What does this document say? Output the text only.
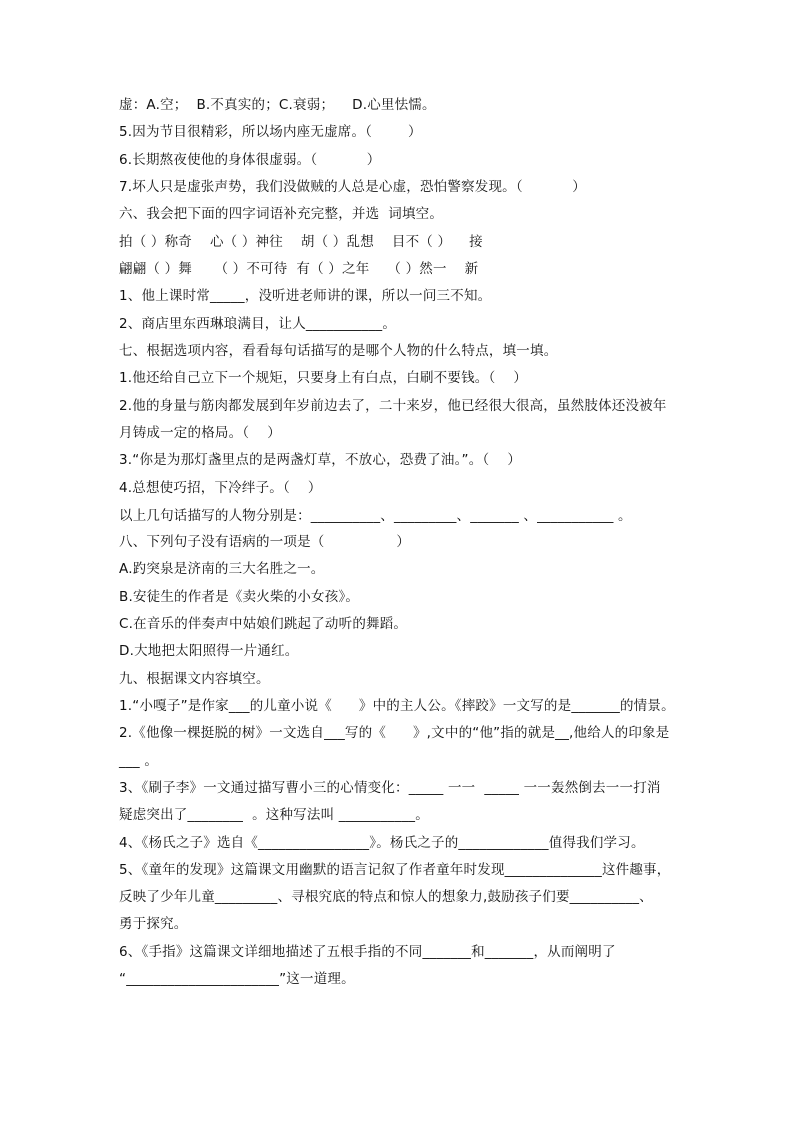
虚：A.空；  B.不真实的；C.衰弱；    D.心里怯懦。
5.因为节目很精彩，所以场内座无虚席。（        ）
6.长期熬夜使他的身体很虚弱。（           ）
7.坏人只是虚张声势，我们没做贼的人总是心虚，恐怕警察发现。（           ）
六、我会把下面的四字词语补充完整，并选  词填空。
拍（ ）称奇    心（ ）神往    胡（ ）乱想    目不（ ）    接
翩翩（ ）舞     （ ）不可待  有（ ）之年    （ ）然一    新
1、他上课时常_____，没听进老师讲的课，所以一问三不知。
2、商店里东西琳琅满目，让人___________。
七、根据选项内容，看看每句话描写的是哪个人物的什么特点，填一填。
1.他还给自己立下一个规矩，只要身上有白点，白刷不要钱。（    ）
2.他的身量与筋肉都发展到年岁前边去了，二十来岁，他已经很大很高，虽然肢体还没被年
月铸成一定的格局。（    ）
3.“你是为那灯盏里点的是两盏灯草，不放心，恐费了油。”。（    ）
4.总想使巧招，下冷绊子。（    ）
以上几句话描写的人物分别是：__________、_________、_______ 、___________ 。
八、下列句子没有语病的一项是（                ）
A.趵突泉是济南的三大名胜之一。
B.安徒生的作者是《卖火柴的小女孩》。
C.在音乐的伴奏声中姑娘们跳起了动听的舞蹈。
D.大地把太阳照得一片通红。
九、根据课文内容填空。
1.“小嘎子”是作家___的儿童小说《      》中的主人公。《摔跤》一文写的是_______的情景。
2.《他像一棵挺脱的树》一文选自___写的《      》,文中的“他”指的就是__,他给人的印象是
___ 。
3、《刷子李》一文通过描写曹小三的心情变化：_____ 一一  _____ 一一轰然倒去一一打消
疑虑突出了________  。这种写法叫 ___________。
4、《杨氏之子》选自《________________》。杨氏之子的_____________值得我们学习。
5、《童年的发现》这篇课文用幽默的语言记叙了作者童年时发现______________这件趣事，
反映了少年儿童_________、寻根究底的特点和惊人的想象力,鼓励孩子们要__________、
勇于探究。
6、《手指》这篇课文详细地描述了五根手指的不同_______和_______，从而阐明了
“______________________”这一道理。
